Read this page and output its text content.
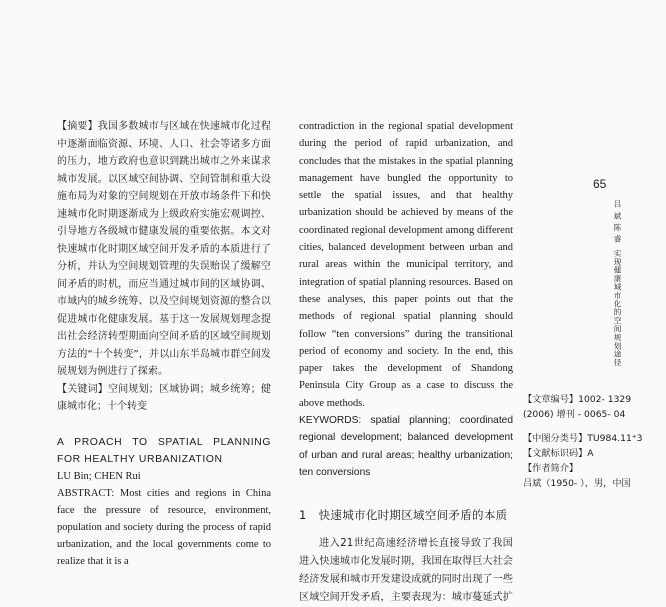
【摘要】我国多数城市与区域在快速城市化过程中逐渐面临资源、环境、人口、社会等诸多方面的压力，地方政府也意识到跳出城市之外来谋求城市发展。以区域空间协调、空间管制和重大设施布局为对象的空间规划在开放市场条件下和快速城市化时期逐渐成为上级政府实施宏观调控、引导地方各级城市健康发展的重要依据。本文对快速城市化时期区域空间开发矛盾的本质进行了分析，并认为空间规划管理的失误贻误了缓解空间矛盾的时机，而应当通过城市间的区域协调、市域内的城乡统筹、以及空间规划资源的整合以促进城市化健康发展。基于这一发展规划理念提出社会经济转型期面向空间矛盾的区域空间规划方法的“十个转变”，并以山东半岛城市群空间发展规划为例进行了探索。

【关键词】空间规划；区域协调；城乡统筹；健康城市化；十个转变

A PROACH TO SPATIAL PLANNING FOR HEALTHY URBANIZATION

LU Bin; CHEN Rui

ABSTRACT: Most cities and regions in China face the pressure of resource, environment, population and society during the process of rapid urbanization, and the local governments come to realize that it is a

contradiction in the regional spatial development during the period of rapid urbanization, and concludes that the mistakes in the spatial planning management have bungled the opportunity to settle the spatial issues, and that healthy urbanization should be achieved by means of the coordinated regional development among different cities, balanced development between urban and rural areas within the municipal territory, and integration of spatial planning resources. Based on these analyses, this paper points out that the methods of regional spatial planning should follow “ten conversions” during the transitional period of economy and society. In the end, this paper takes the development of Shandong Peninsula City Group as a case to discuss the above methods.

KEYWORDS: spatial planning; coordinated regional development; balanced development of urban and rural areas; healthy urbanization; ten conversions

1 快速城市化时期区域空间矛盾的本质

进入21世纪高速经济增长直接导致了我国进入快速城市化发展时期，我国在取得巨大社会经济发展和城市开发建设成就的同时出现了一些区域空间开发矛盾，主要表现为：城市蔓延式扩

65
吕 斌 陈 睿实现健康城市化的空间规划途径
【文章编号】1002- 1329
(2006) 增刊 - 0065- 04
【中图分类号】TU984.11⁺3
【文献标识码】A
【作者简介】
吕斌（1950- ），男，中国
